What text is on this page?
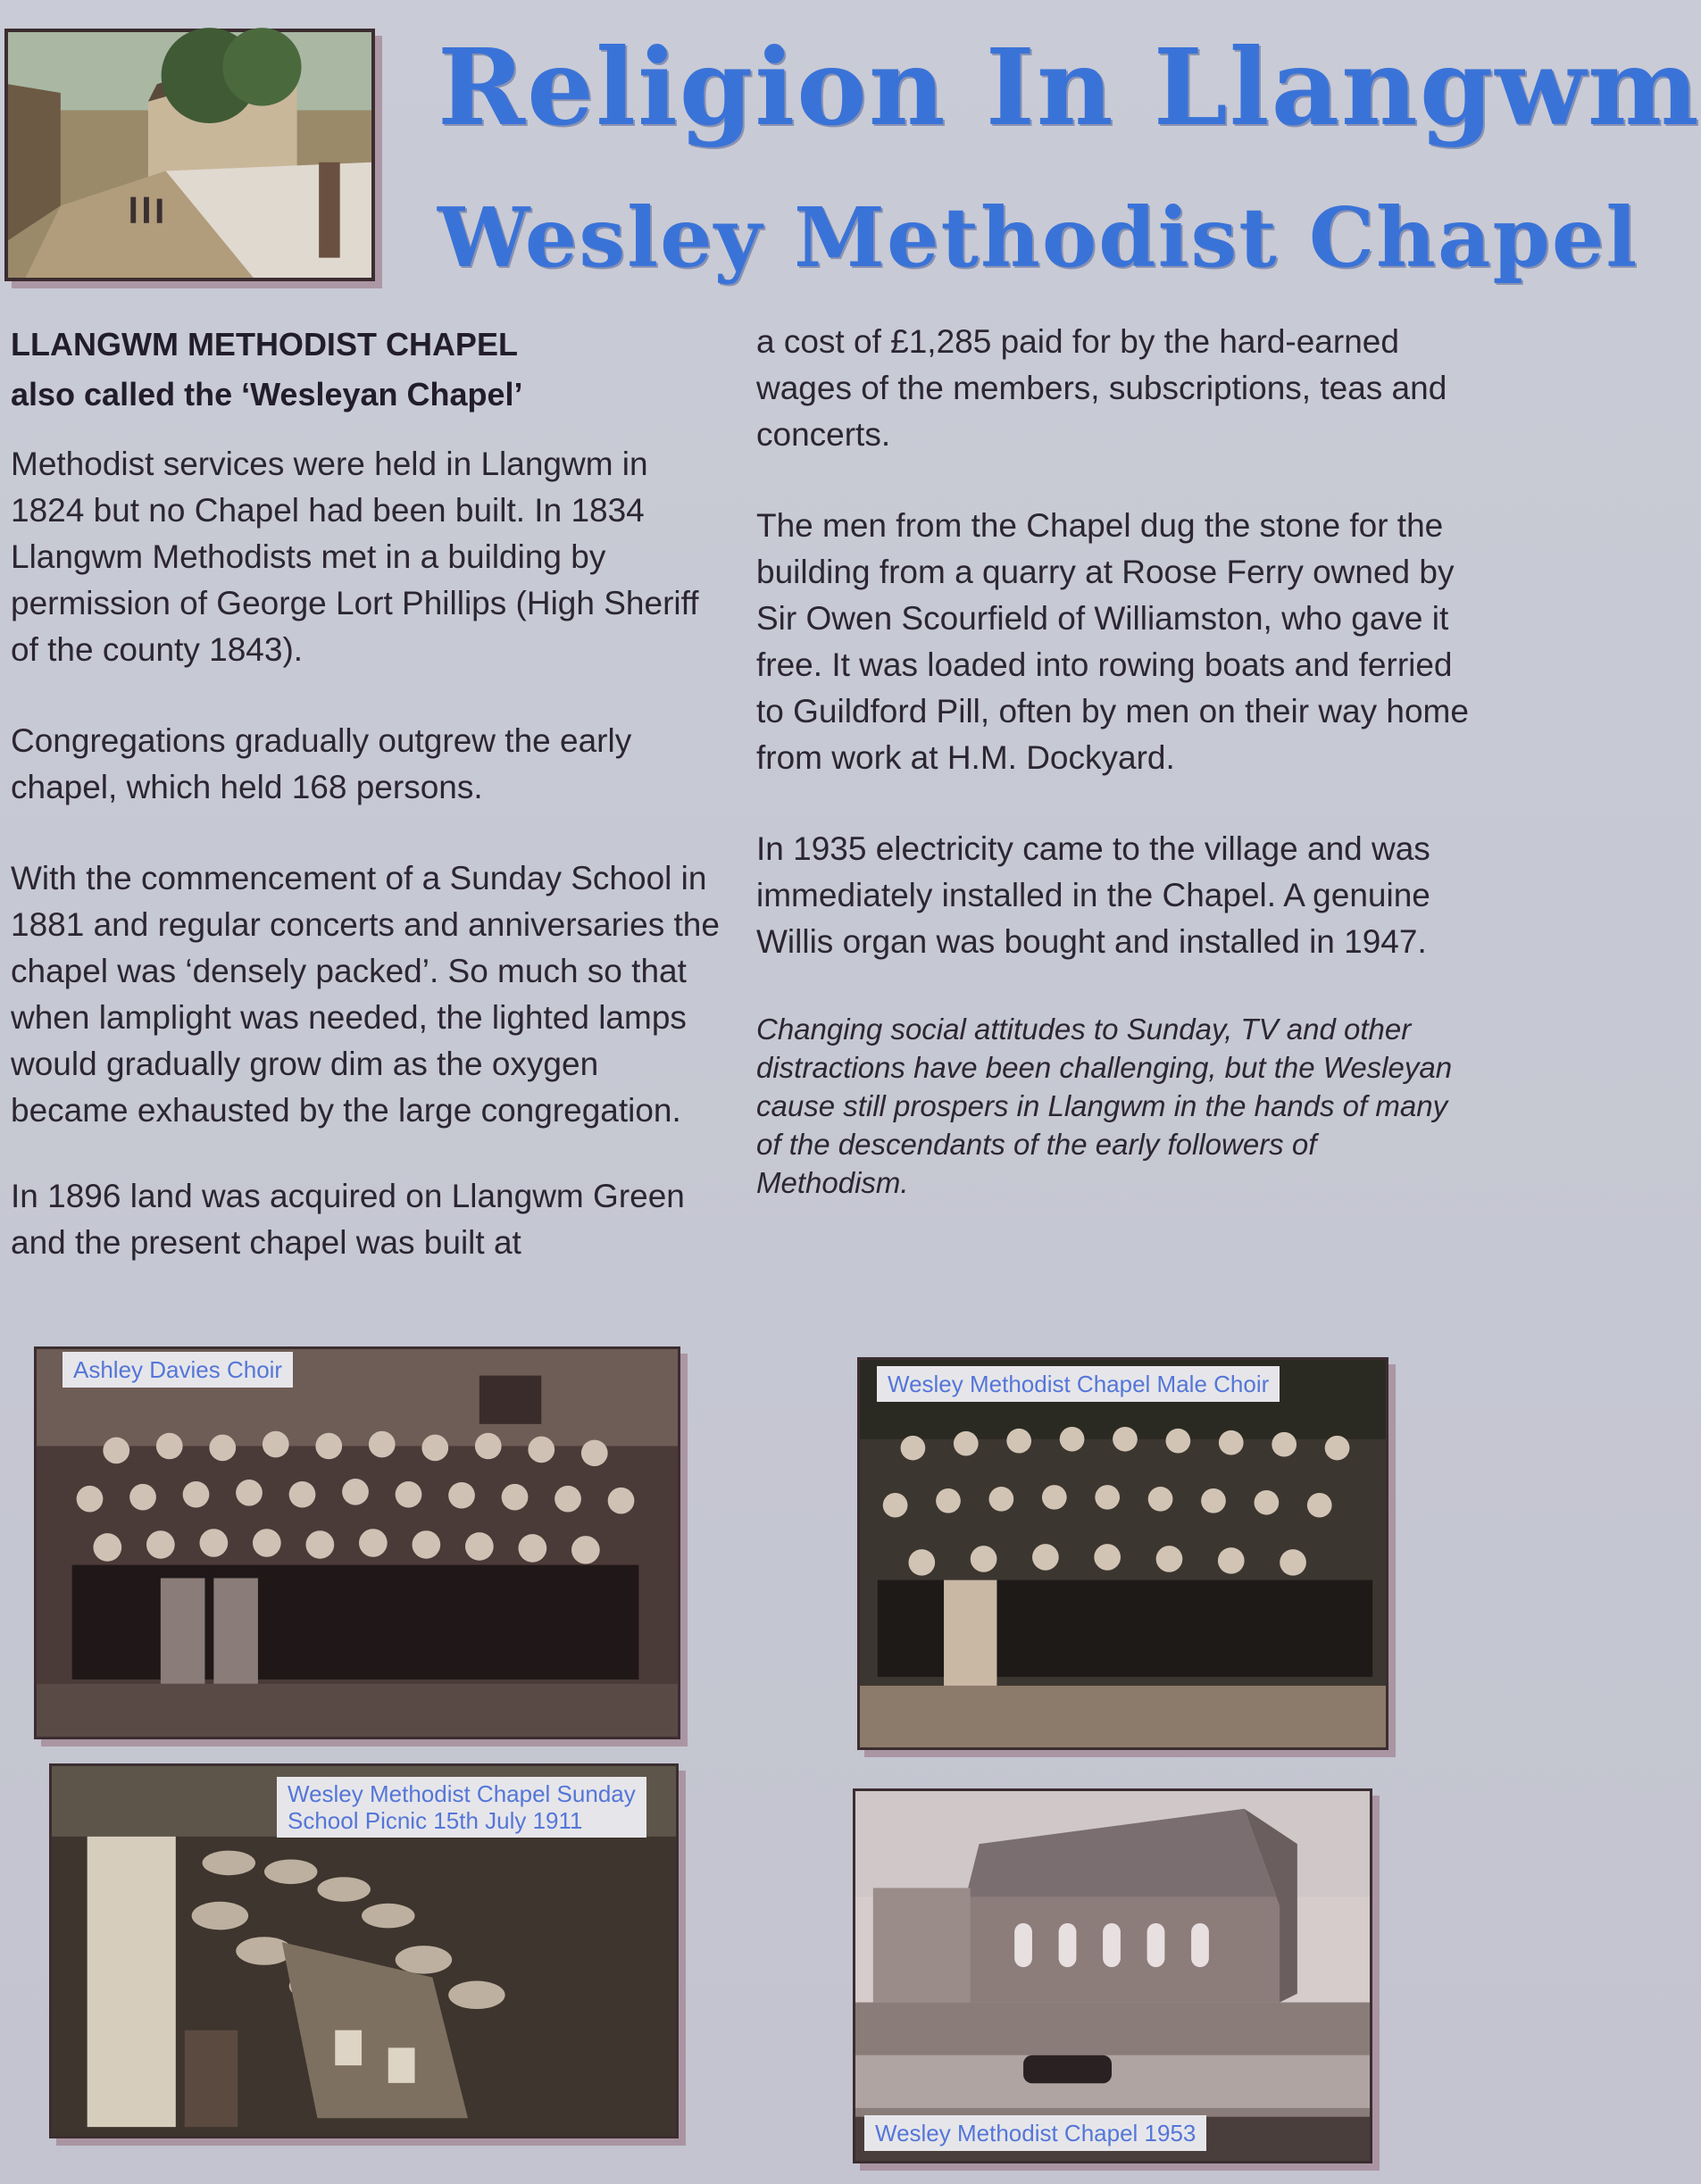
Religion In Llangwm
Wesley Methodist Chapel
LLANGWM METHODIST CHAPEL
also called the ‘Wesleyan Chapel’

Methodist services were held in Llangwm in 1824 but no Chapel had been built. In 1834 Llangwm Methodists met in a building by permission of George Lort Phillips (High Sheriff of the county 1843).

Congregations gradually outgrew the early chapel, which held 168 persons.

With the commencement of a Sunday School in 1881 and regular concerts and anniversaries the chapel was ‘densely packed’. So much so that when lamplight was needed, the lighted lamps would gradually grow dim as the oxygen became exhausted by the large congregation.

In 1896 land was acquired on Llangwm Green and the present chapel was built at

a cost of £1,285 paid for by the hard-earned wages of the members, subscriptions, teas and concerts.

The men from the Chapel dug the stone for the building from a quarry at Roose Ferry owned by Sir Owen Scourfield of Williamston, who gave it free. It was loaded into rowing boats and ferried to Guildford Pill, often by men on their way home from work at H.M. Dockyard.

In 1935 electricity came to the village and was immediately installed in the Chapel. A genuine Willis organ was bought and installed in 1947.

Changing social attitudes to Sunday, TV and other distractions have been challenging, but the Wesleyan cause still prospers in Llangwm in the hands of many of the descendants of the early followers of Methodism.

Ashley Davies Choir
Wesley Methodist Chapel Male Choir
Wesley Methodist Chapel Sunday
School Picnic 15th July 1911
Wesley Methodist Chapel 1953
